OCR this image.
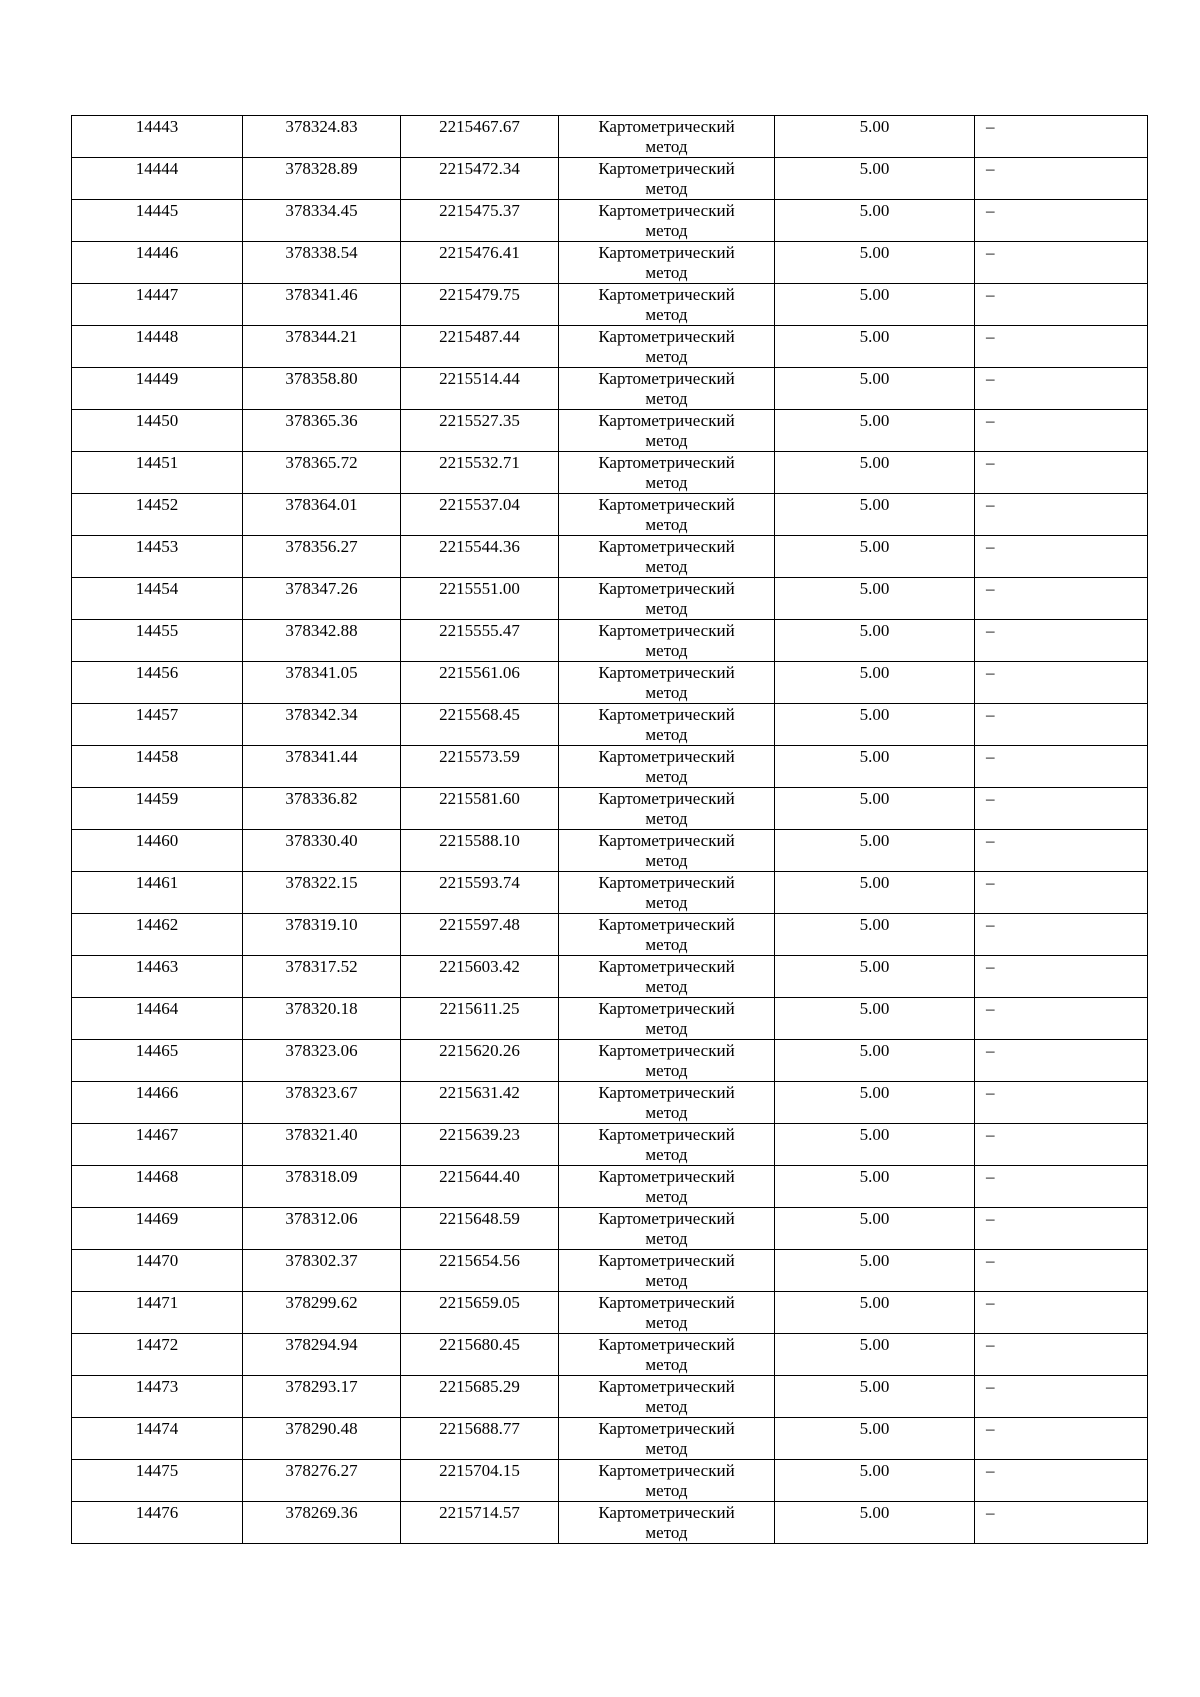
14443	378324.83	2215467.67	Картометрический
метод	5.00	–

14444	378328.89	2215472.34	Картометрический
метод	5.00	–

14445	378334.45	2215475.37	Картометрический
метод	5.00	–

14446	378338.54	2215476.41	Картометрический
метод	5.00	–

14447	378341.46	2215479.75	Картометрический
метод	5.00	–

14448	378344.21	2215487.44	Картометрический
метод	5.00	–

14449	378358.80	2215514.44	Картометрический
метод	5.00	–

14450	378365.36	2215527.35	Картометрический
метод	5.00	–

14451	378365.72	2215532.71	Картометрический
метод	5.00	–

14452	378364.01	2215537.04	Картометрический
метод	5.00	–

14453	378356.27	2215544.36	Картометрический
метод	5.00	–

14454	378347.26	2215551.00	Картометрический
метод	5.00	–

14455	378342.88	2215555.47	Картометрический
метод	5.00	–

14456	378341.05	2215561.06	Картометрический
метод	5.00	–

14457	378342.34	2215568.45	Картометрический
метод	5.00	–

14458	378341.44	2215573.59	Картометрический
метод	5.00	–

14459	378336.82	2215581.60	Картометрический
метод	5.00	–

14460	378330.40	2215588.10	Картометрический
метод	5.00	–

14461	378322.15	2215593.74	Картометрический
метод	5.00	–

14462	378319.10	2215597.48	Картометрический
метод	5.00	–

14463	378317.52	2215603.42	Картометрический
метод	5.00	–

14464	378320.18	2215611.25	Картометрический
метод	5.00	–

14465	378323.06	2215620.26	Картометрический
метод	5.00	–

14466	378323.67	2215631.42	Картометрический
метод	5.00	–

14467	378321.40	2215639.23	Картометрический
метод	5.00	–

14468	378318.09	2215644.40	Картометрический
метод	5.00	–

14469	378312.06	2215648.59	Картометрический
метод	5.00	–

14470	378302.37	2215654.56	Картометрический
метод	5.00	–

14471	378299.62	2215659.05	Картометрический
метод	5.00	–

14472	378294.94	2215680.45	Картометрический
метод	5.00	–

14473	378293.17	2215685.29	Картометрический
метод	5.00	–

14474	378290.48	2215688.77	Картометрический
метод	5.00	–

14475	378276.27	2215704.15	Картометрический
метод	5.00	–

14476	378269.36	2215714.57	Картометрический
метод	5.00	–
